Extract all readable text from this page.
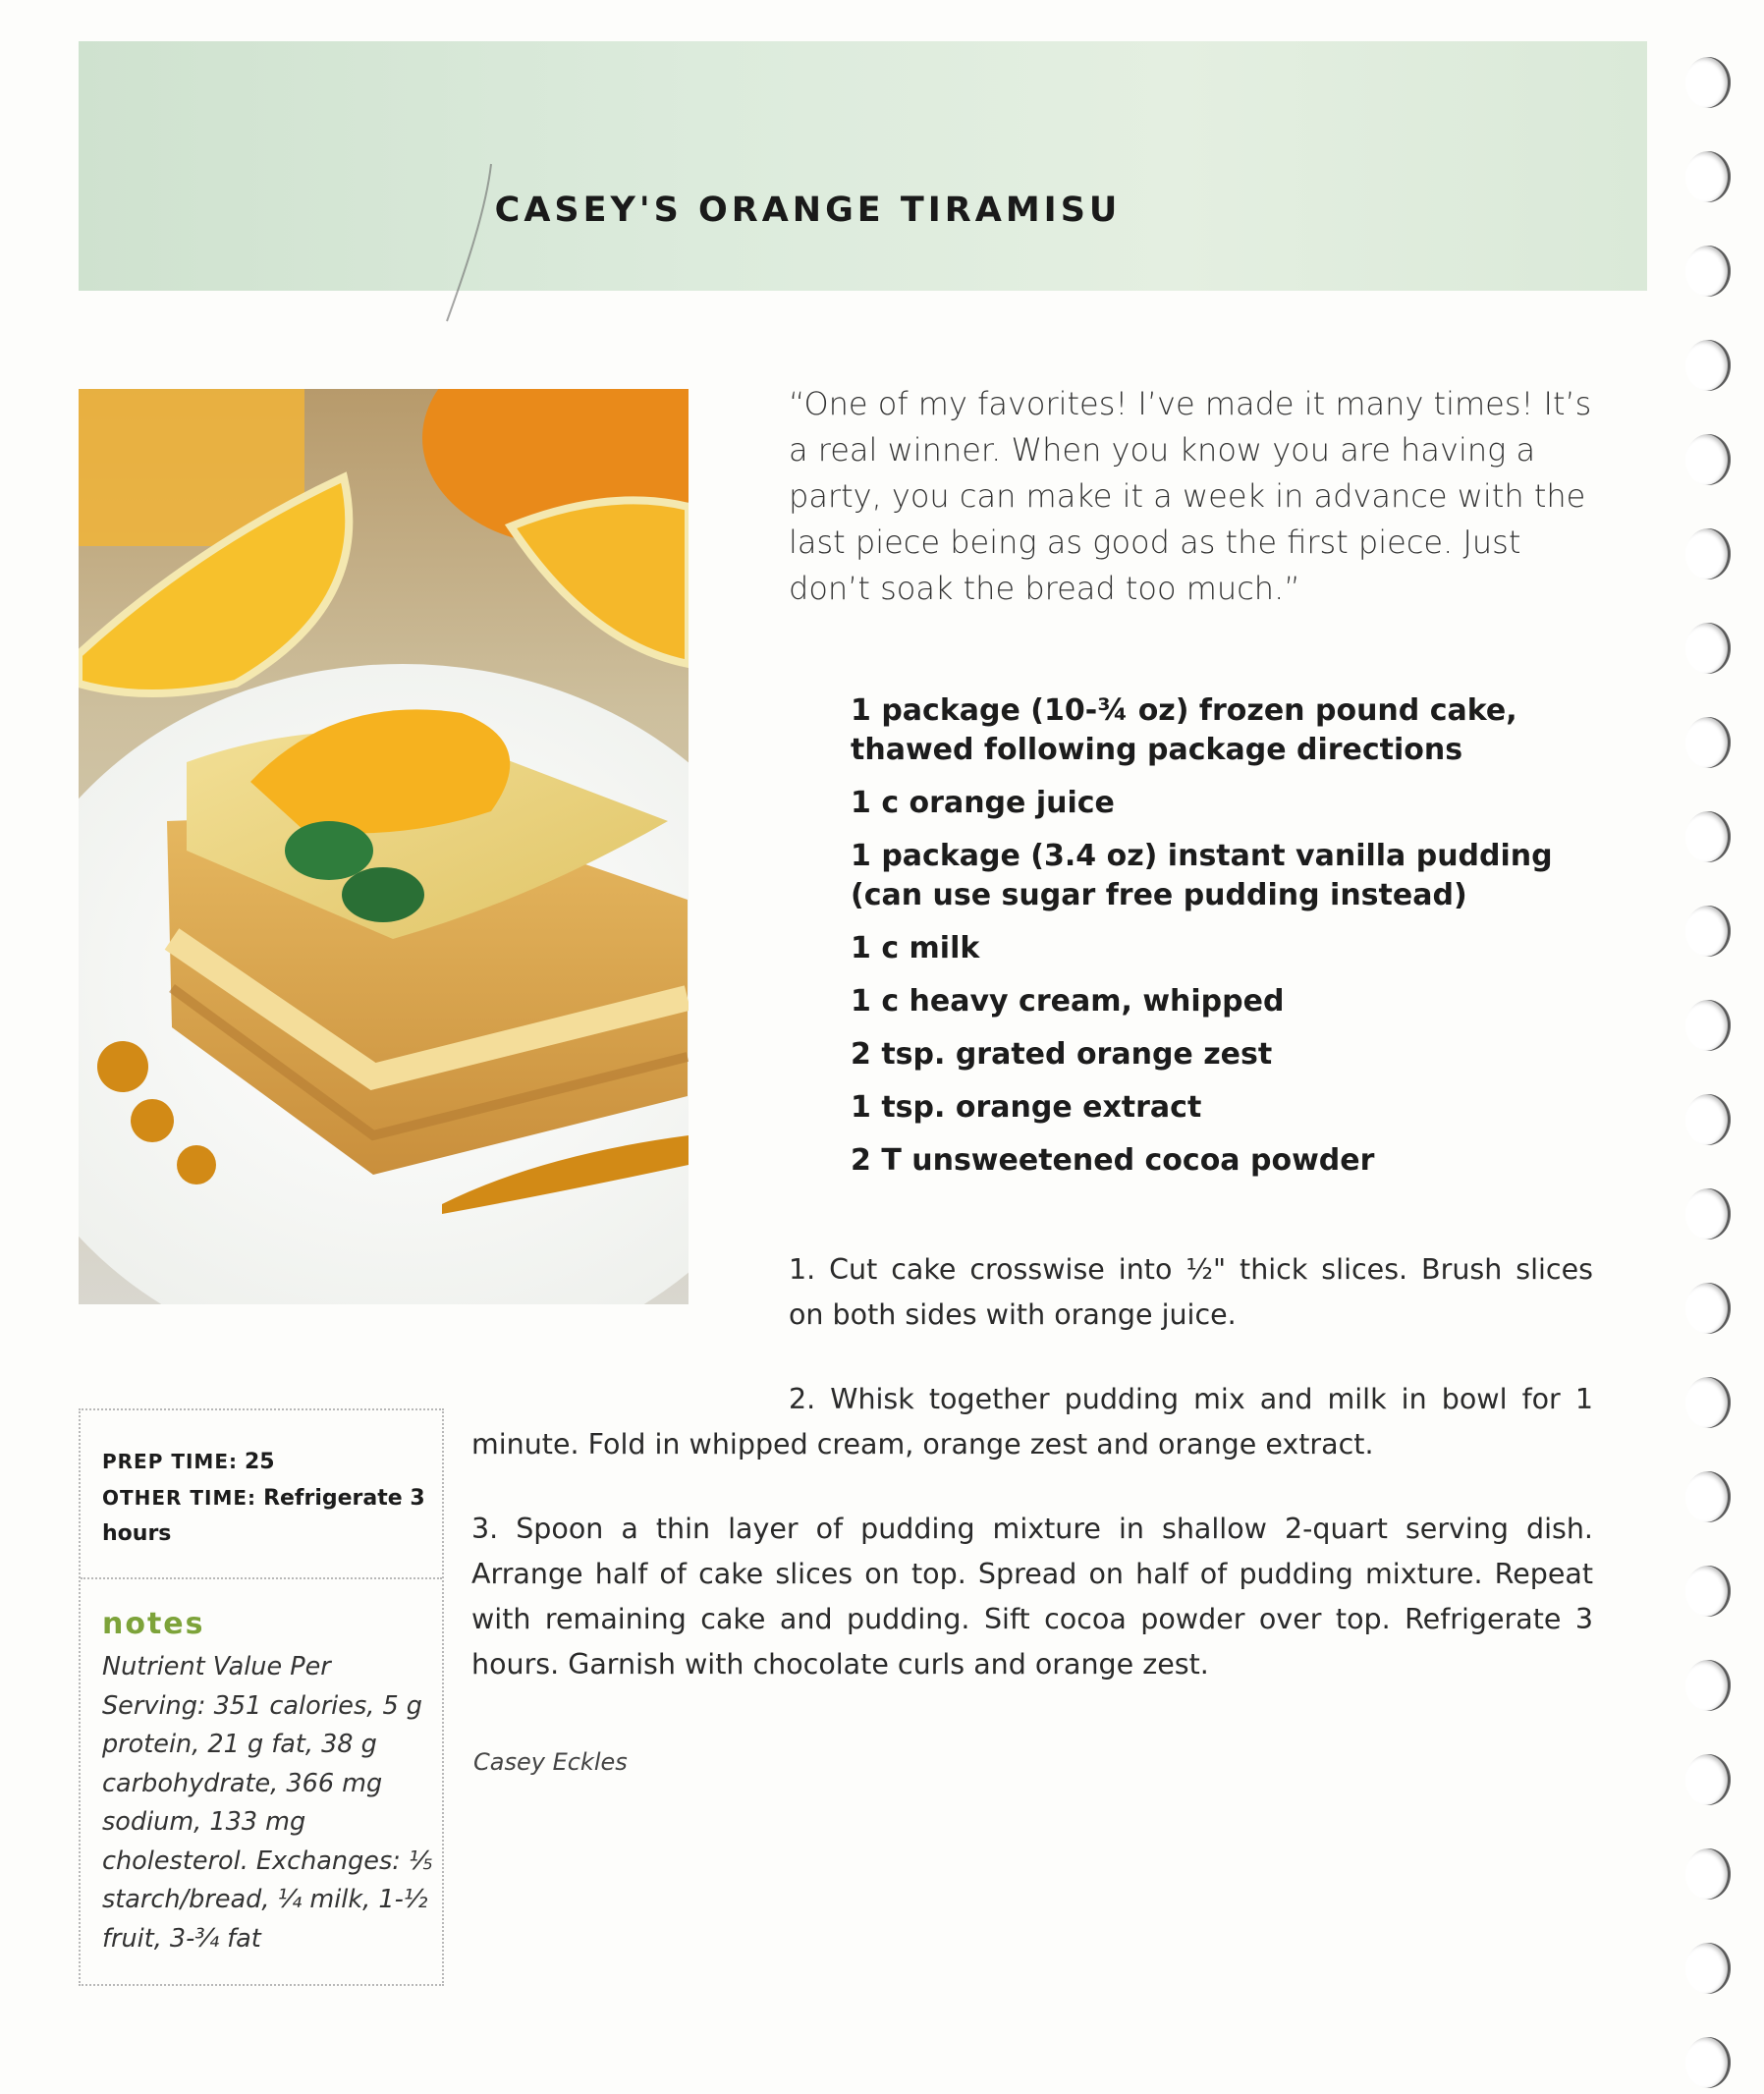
CASEY'S ORANGE TIRAMISU

“One of my favorites! I’ve made it many times! It’s a real winner. When you know you are having a party, you can make it a week in advance with the last piece being as good as the first piece. Just don’t soak the bread too much.”

1 package (10-¾ oz) frozen pound cake, thawed following package directions
1 c orange juice
1 package (3.4 oz) instant vanilla pudding (can use sugar free pudding instead)
1 c milk
1 c heavy cream, whipped
2 tsp. grated orange zest
1 tsp. orange extract
2 T unsweetened cocoa powder

1. Cut cake crosswise into ½" thick slices. Brush slices on both sides with orange juice.

2. Whisk together pudding mix and milk in bowl for 1 minute. Fold in whipped cream, orange zest and orange extract.

3. Spoon a thin layer of pudding mixture in shallow 2-quart serving dish. Arrange half of cake slices on top. Spread on half of pudding mixture. Repeat with remaining cake and pudding. Sift cocoa powder over top. Refrigerate 3 hours. Garnish with chocolate curls and orange zest.

Casey Eckles

PREP TIME: 25
OTHER TIME: Refrigerate 3 hours
notes

Nutrient Value Per Serving: 351 calories, 5 g protein, 21 g fat, 38 g carbohydrate, 366 mg sodium, 133 mg cholesterol. Exchanges: ⅕ starch/bread, ¼ milk, 1-½ fruit, 3-¾ fat
